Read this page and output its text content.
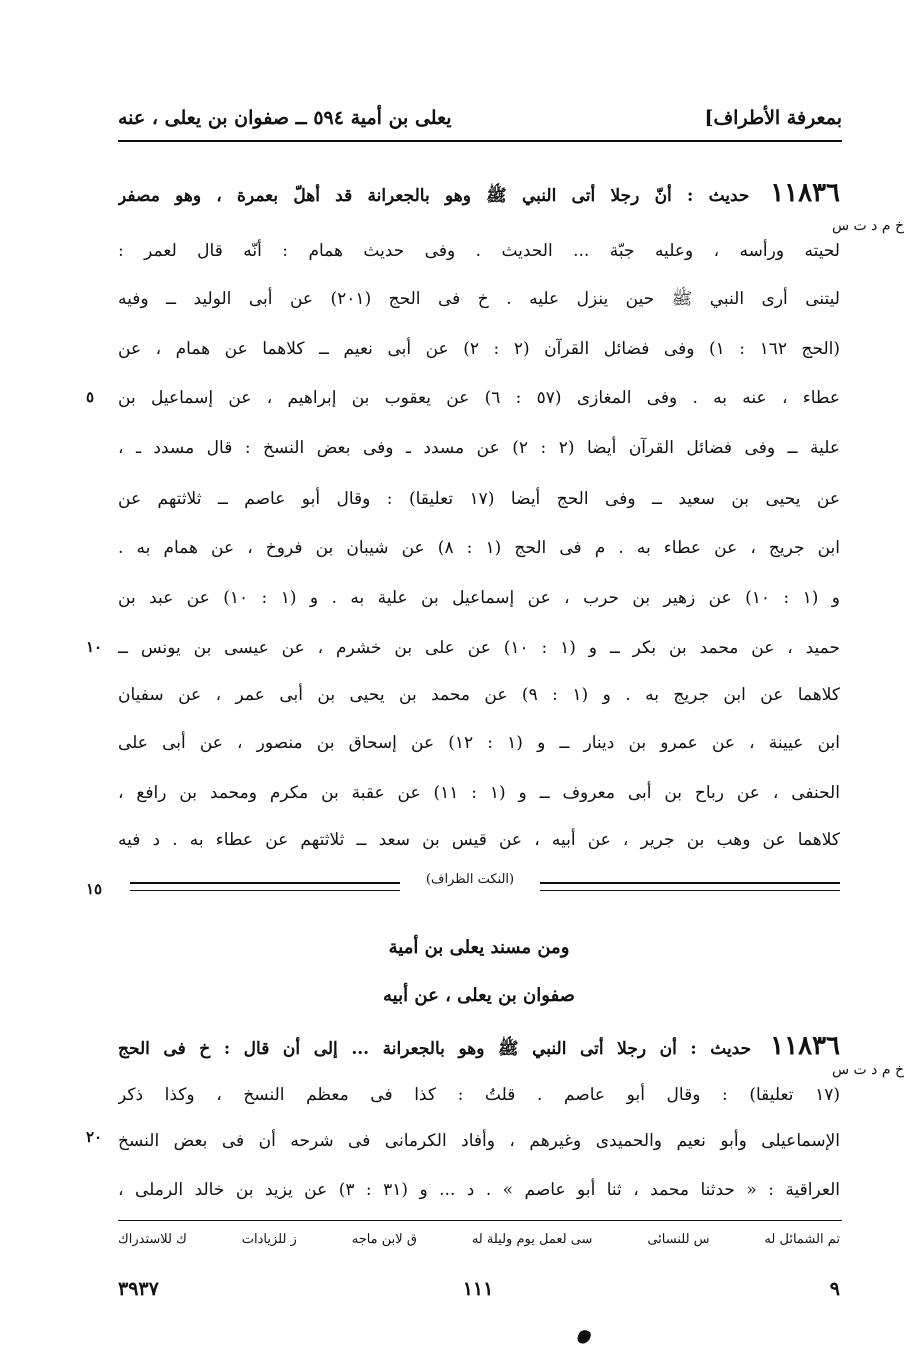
بمعرفة الأطراف]
يعلى بن أمية ٥٩٤ ــ صفوان بن يعلى ، عنه
خ م د ت س
١١٨٣٦ حديث : أنّ رجلا أتى النبي ﷺ وهو بالجعرانة قد أهلّ بعمرة ، وهو مصفر
لحيته ورأسه ، وعليه جبّة ... الحديث . وفى حديث همام : أنّه قال لعمر :
ليتنى أرى النبي ﷺ حين ينزل عليه . خ فى الحج (٢٠١) عن أبى الوليد ــ وفيه
(الحج ١٦٢ : ١) وفى فضائل القرآن (٢ : ٢) عن أبى نعيم ــ كلاهما عن همام ، عن
عطاء ، عنه به . وفى المغازى (٥٧ : ٦) عن يعقوب بن إبراهيم ، عن إسماعيل بن
علية ــ وفى فضائل القرآن أيضا (٢ : ٢) عن مسدد ـ وفى بعض النسخ : قال مسدد ـ ،
عن يحيى بن سعيد ــ وفى الحج أيضا (١٧ تعليقا) : وقال أبو عاصم ــ ثلاثتهم عن
ابن جريج ، عن عطاء به . م فى الحج (١ : ٨) عن شيبان بن فروخ ، عن همام به .
و (١ : ١٠) عن زهير بن حرب ، عن إسماعيل بن علية به . و (١ : ١٠) عن عبد بن
حميد ، عن محمد بن بكر ــ و (١ : ١٠) عن على بن خشرم ، عن عيسى بن يونس ــ
كلاهما عن ابن جريج به . و (١ : ٩) عن محمد بن يحيى بن أبى عمر ، عن سفيان
ابن عيينة ، عن عمرو بن دينار ــ و (١ : ١٢) عن إسحاق بن منصور ، عن أبى على
الحنفى ، عن رباح بن أبى معروف ــ و (١ : ١١) عن عقبة بن مكرم ومحمد بن رافع ،
كلاهما عن وهب بن جرير ، عن أبيه ، عن قيس بن سعد ــ ثلاثتهم عن عطاء به . د فيه
٥
١٠
١٥
٢٠
(النكت الظراف)
ومن مسند يعلى بن أمية
صفوان بن يعلى ، عن أبيه
خ م د ت س
١١٨٣٦ حديث : أن رجلا أتى النبي ﷺ وهو بالجعرانة ... إلى أن قال : خ فى الحج
(١٧ تعليقا) : وقال أبو عاصم . قلتُ : كذا فى معظم النسخ ، وكذا ذكر
الإسماعيلى وأبو نعيم والحميدى وغيرهم ، وأفاد الكرمانى فى شرحه أن فى بعض النسخ
العراقية : « حدثنا محمد ، ثنا أبو عاصم » . د ... و (٣١ : ٣) عن يزيد بن خالد الرملى ،
تم الشمائل له
س للنسائى
سى لعمل يوم وليلة له
ق لابن ماجه
ز للزيادات
ك للاستدراك
٩
١١١
٣٩٣٧
